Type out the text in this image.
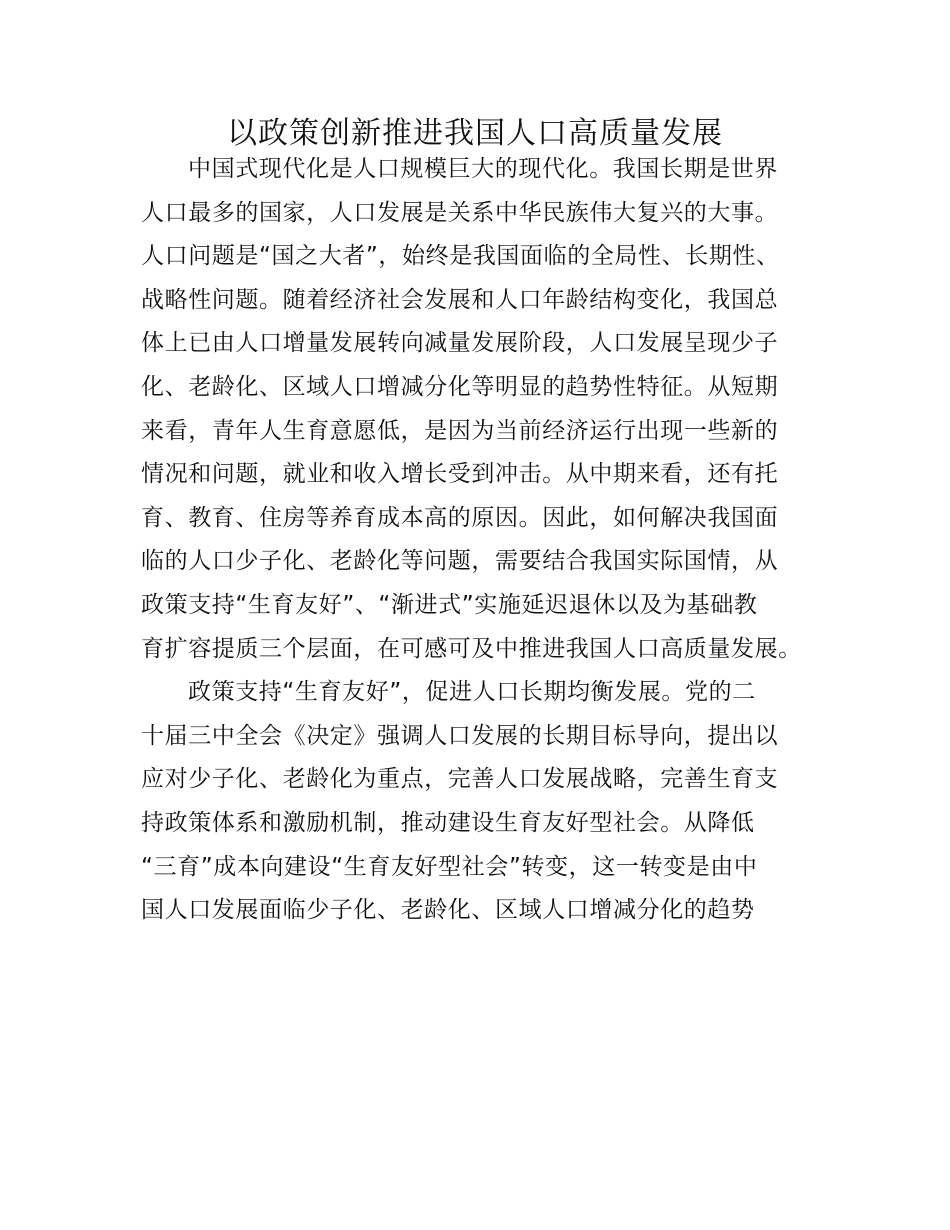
以政策创新推进我国人口高质量发展
中国式现代化是人口规模巨大的现代化。我国长期是世界
人口最多的国家，人口发展是关系中华民族伟大复兴的大事。
人口问题是“国之大者”，始终是我国面临的全局性、长期性、
战略性问题。随着经济社会发展和人口年龄结构变化，我国总
体上已由人口增量发展转向减量发展阶段，人口发展呈现少子
化、老龄化、区域人口增减分化等明显的趋势性特征。从短期
来看，青年人生育意愿低，是因为当前经济运行出现一些新的
情况和问题，就业和收入增长受到冲击。从中期来看，还有托
育、教育、住房等养育成本高的原因。因此，如何解决我国面
临的人口少子化、老龄化等问题，需要结合我国实际国情，从
政策支持“生育友好”、“渐进式”实施延迟退休以及为基础教
育扩容提质三个层面，在可感可及中推进我国人口高质量发展。
政策支持“生育友好”，促进人口长期均衡发展。党的二
十届三中全会《决定》强调人口发展的长期目标导向，提出以
应对少子化、老龄化为重点，完善人口发展战略，完善生育支
持政策体系和激励机制，推动建设生育友好型社会。从降低
“三育”成本向建设“生育友好型社会”转变，这一转变是由中
国人口发展面临少子化、老龄化、区域人口增减分化的趋势
